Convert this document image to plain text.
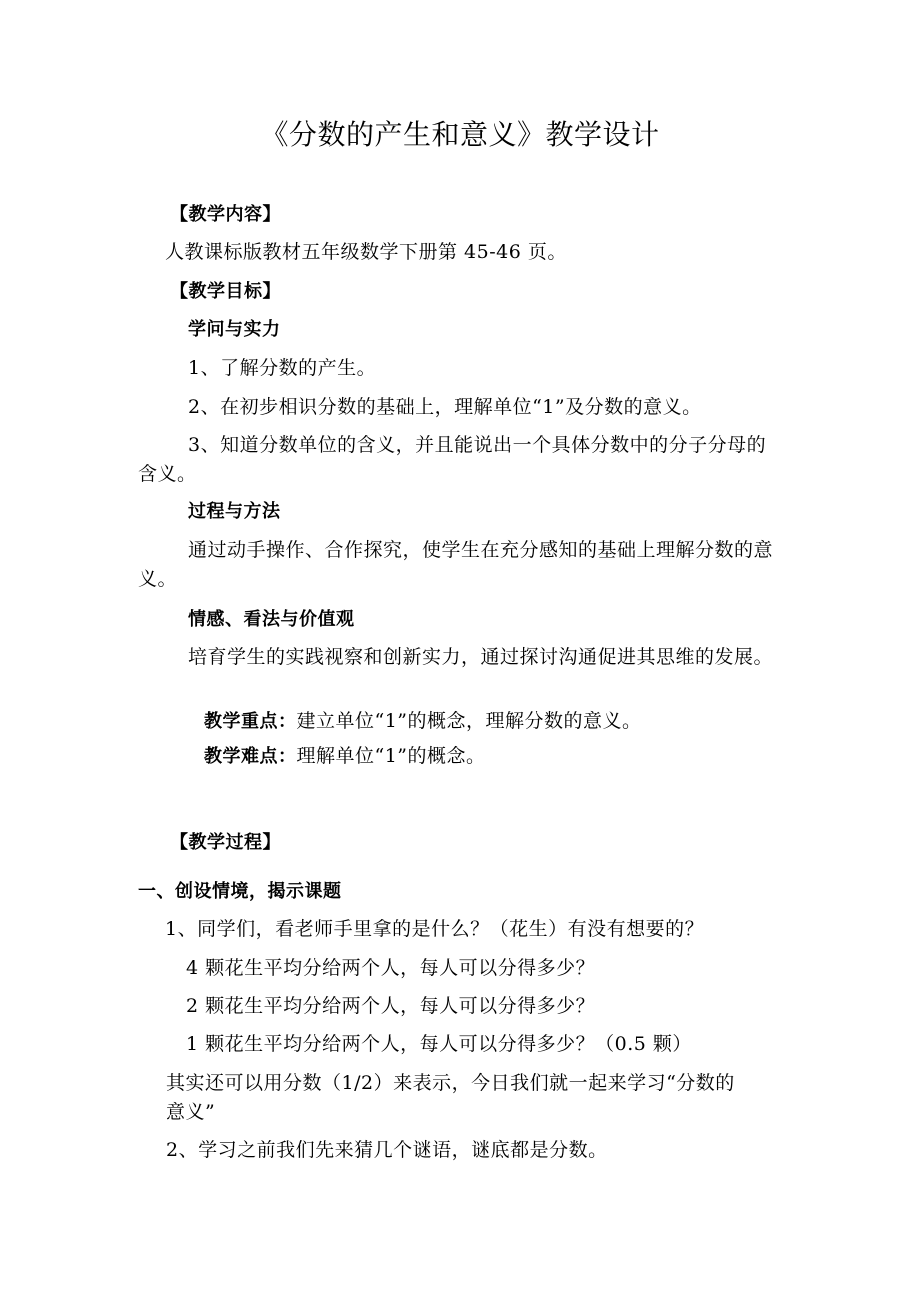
《分数的产生和意义》教学设计
【教学内容】
人教课标版教材五年级数学下册第 45-46 页。
【教学目标】
学问与实力
1、了解分数的产生。
2、在初步相识分数的基础上，理解单位“1”及分数的意义。
3、知道分数单位的含义，并且能说出一个具体分数中的分子分母的
含义。
过程与方法
通过动手操作、合作探究，使学生在充分感知的基础上理解分数的意
义。
情感、看法与价值观
培育学生的实践视察和创新实力，通过探讨沟通促进其思维的发展。
教学重点：建立单位“1”的概念，理解分数的意义。
教学难点：理解单位“1”的概念。
【教学过程】
一、创设情境，揭示课题
1、同学们，看老师手里拿的是什么？（花生）有没有想要的？
4 颗花生平均分给两个人，每人可以分得多少？
2 颗花生平均分给两个人，每人可以分得多少？
1 颗花生平均分给两个人，每人可以分得多少？（0.5 颗）
其实还可以用分数（1/2）来表示，今日我们就一起来学习“分数的
意义”
2、学习之前我们先来猜几个谜语，谜底都是分数。
